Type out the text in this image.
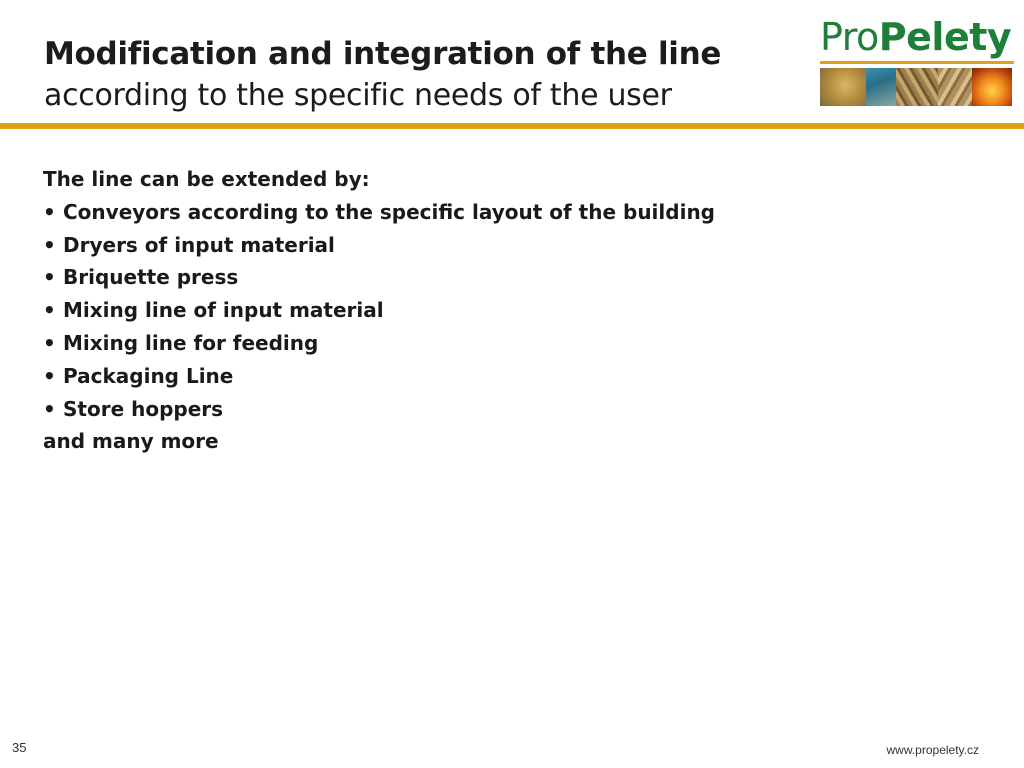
Modification and integration of the line
according to the specific needs of the user
ProPelety
The line can be extended by:
• Conveyors according to the specific layout of the building
• Dryers of input material
• Briquette press
• Mixing line of input material
• Mixing line for feeding
• Packaging Line
• Store hoppers
and many more
35	www.propelety.cz
